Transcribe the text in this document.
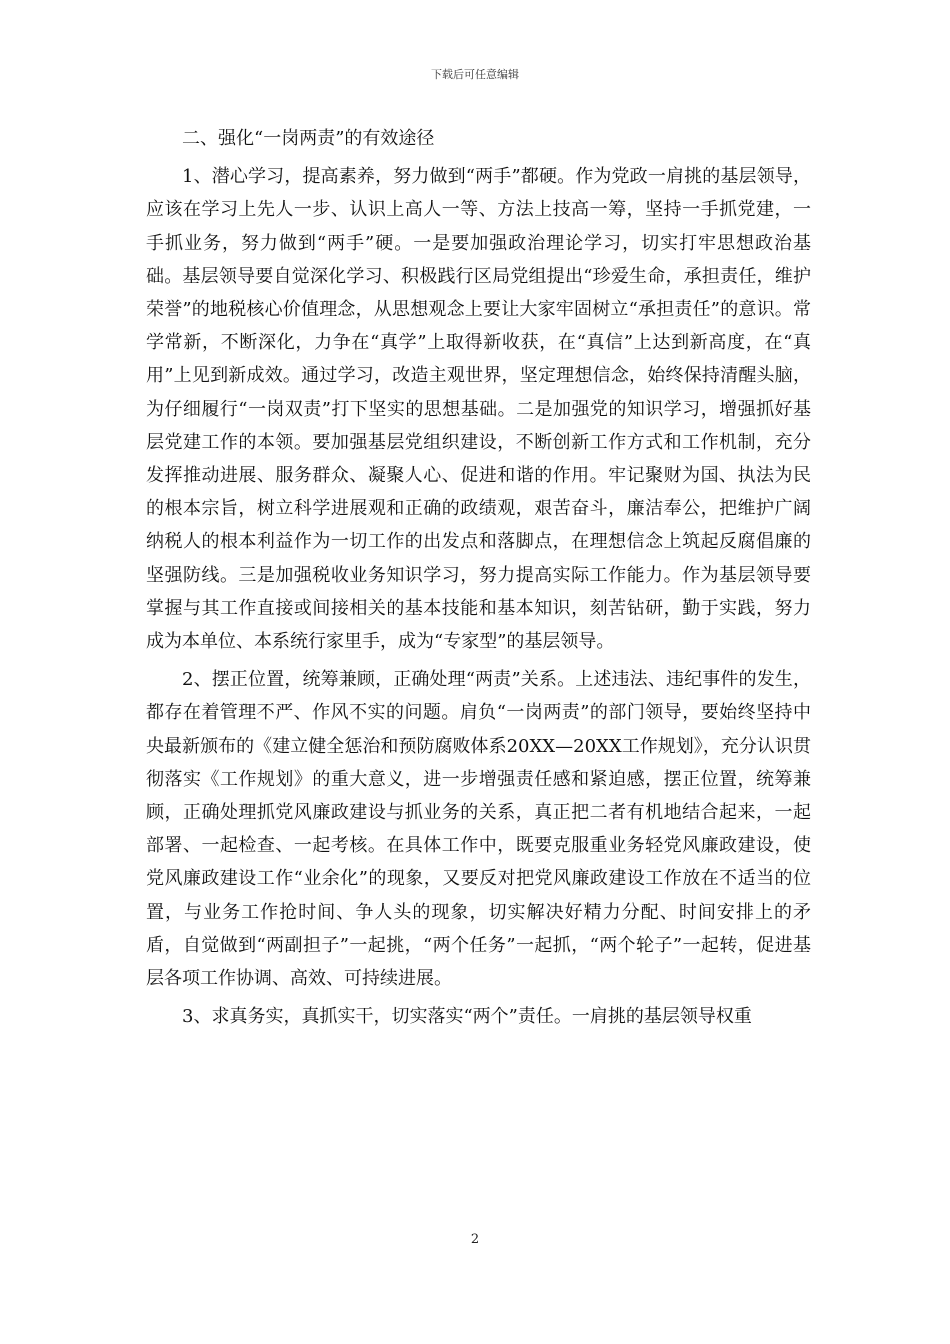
下载后可任意编辑

二、强化“一岗两责”的有效途径

1、潜心学习，提高素养，努力做到“两手”都硬。作为党政一肩挑的基层领导，应该在学习上先人一步、认识上高人一等、方法上技高一筹，坚持一手抓党建，一手抓业务，努力做到“两手”硬。一是要加强政治理论学习，切实打牢思想政治基础。基层领导要自觉深化学习、积极践行区局党组提出“珍爱生命，承担责任，维护荣誉”的地税核心价值理念，从思想观念上要让大家牢固树立“承担责任”的意识。常学常新，不断深化，力争在“真学”上取得新收获，在“真信”上达到新高度，在“真用”上见到新成效。通过学习，改造主观世界，坚定理想信念，始终保持清醒头脑，为仔细履行“一岗双责”打下坚实的思想基础。二是加强党的知识学习，增强抓好基层党建工作的本领。要加强基层党组织建设，不断创新工作方式和工作机制，充分发挥推动进展、服务群众、凝聚人心、促进和谐的作用。牢记聚财为国、执法为民的根本宗旨，树立科学进展观和正确的政绩观，艰苦奋斗，廉洁奉公，把维护广阔纳税人的根本利益作为一切工作的出发点和落脚点，在理想信念上筑起反腐倡廉的坚强防线。三是加强税收业务知识学习，努力提高实际工作能力。作为基层领导要掌握与其工作直接或间接相关的基本技能和基本知识，刻苦钻研，勤于实践，努力成为本单位、本系统行家里手，成为“专家型”的基层领导。

2、摆正位置，统筹兼顾，正确处理“两责”关系。上述违法、违纪事件的发生，都存在着管理不严、作风不实的问题。肩负“一岗两责”的部门领导，要始终坚持中央最新颁布的《建立健全惩治和预防腐败体系20XX—20XX工作规划》，充分认识贯彻落实《工作规划》的重大意义，进一步增强责任感和紧迫感，摆正位置，统筹兼顾，正确处理抓党风廉政建设与抓业务的关系，真正把二者有机地结合起来，一起部署、一起检查、一起考核。在具体工作中，既要克服重业务轻党风廉政建设，使党风廉政建设工作“业余化”的现象，又要反对把党风廉政建设工作放在不适当的位置，与业务工作抢时间、争人头的现象，切实解决好精力分配、时间安排上的矛盾，自觉做到“两副担子”一起挑，“两个任务”一起抓，“两个轮子”一起转，促进基层各项工作协调、高效、可持续进展。

3、求真务实，真抓实干，切实落实“两个”责任。一肩挑的基层领导权重

2
